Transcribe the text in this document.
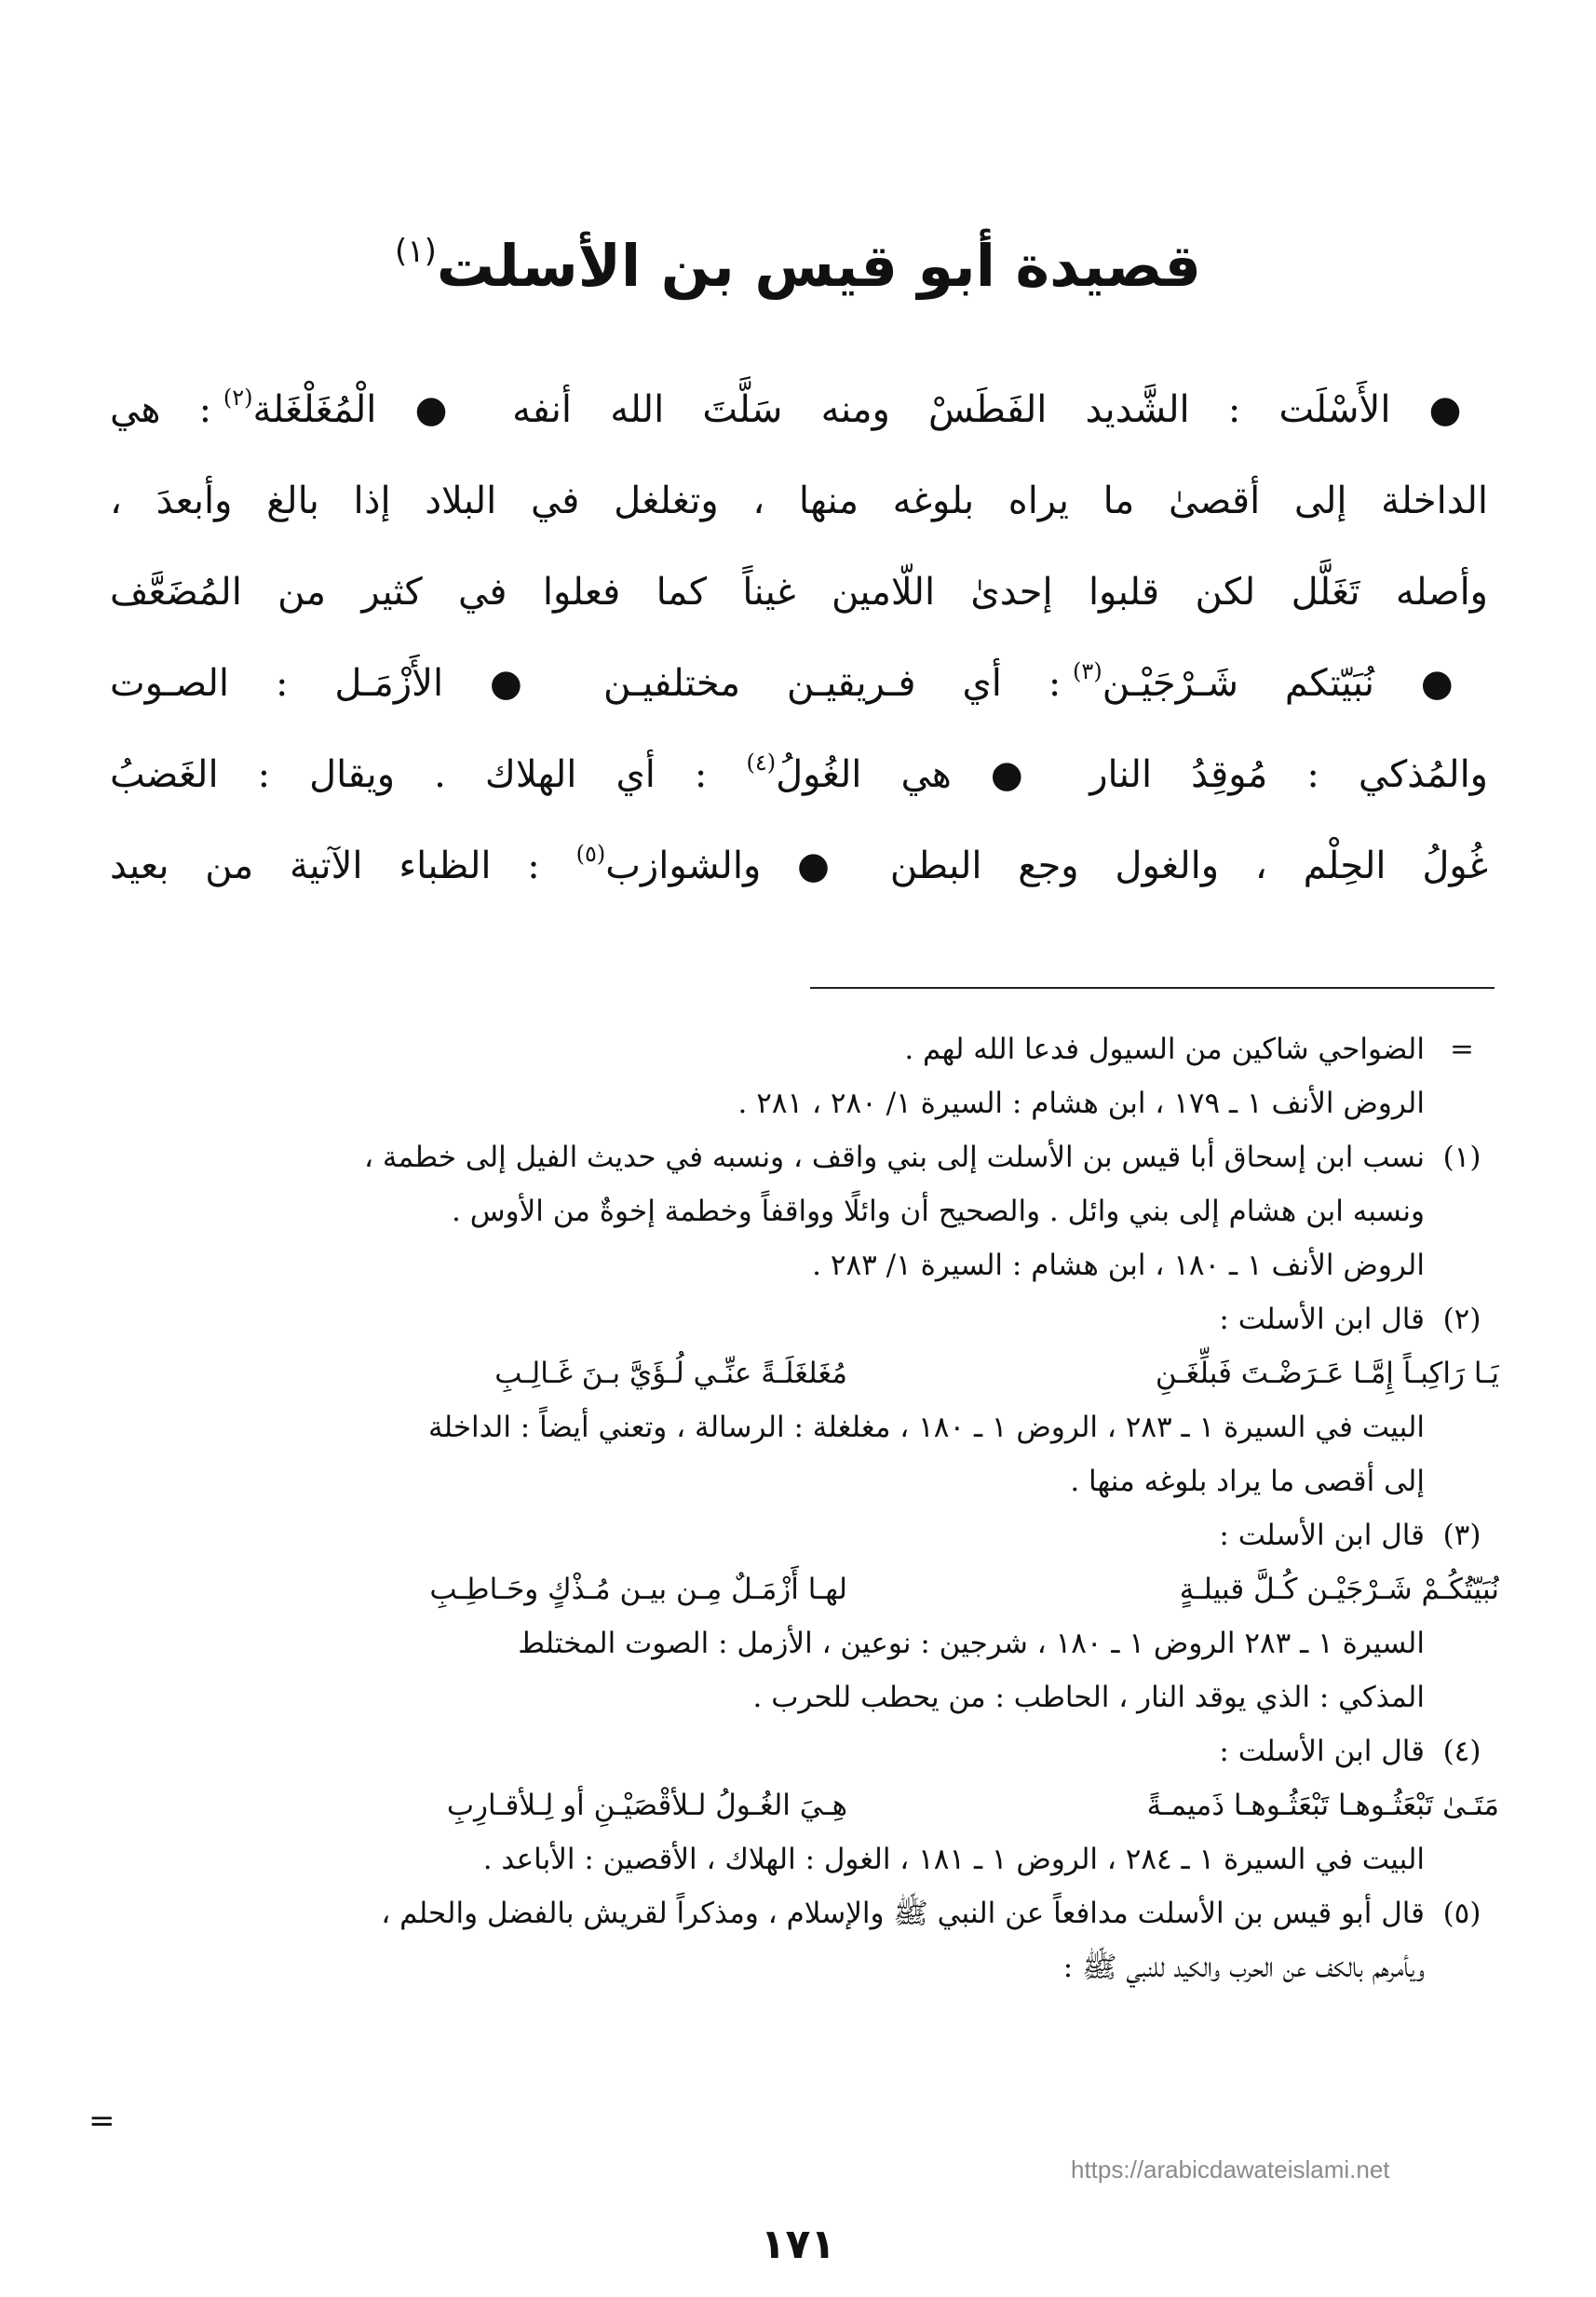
قصيدة أبو قيس بن الأسلت$^{(١)}$
● الأَسْلَت : الشَّديد الفَطَسْ ومنه سَلَّتَ الله أنفه ● الْمُغَلْغَلة$^{(٢)}$ : هي
الداخلة إلى أقصىٰ ما يراه بلوغه منها ، وتغلغل في البلاد إذا بالغ وأبعدَ ،
وأصله تَغَلَّل لكن قلبوا إحدىٰ اللّامين غيناً كما فعلوا في كثير من المُضَعَّف
● نُبَيّتكم شَـرْجَيْـن$^{(٣)}$ : أي فـريقيـن مختلفيـن ● الأَزْمَـل : الصـوت
والمُذكي : مُوقِدُ النار ● هي الغُولُ$^{(٤)}$ : أي الهلاك . ويقال : الغَضبُ
غُولُ الحِلْم ، والغول وجع البطن ● والشوازب$^{(٥)}$ : الظباء الآتية من بعيد
=
الضواحي شاكين من السيول فدعا الله لهم .
الروض الأنف ١ ـ ١٧٩ ، ابن هشام : السيرة ١/ ٢٨٠ ، ٢٨١ .
(١)
نسب ابن إسحاق أبا قيس بن الأسلت إلى بني واقف ، ونسبه في حديث الفيل إلى خطمة ،
ونسبه ابن هشام إلى بني وائل . والصحيح أن وائلًا وواقفاً وخطمة إخوةٌ من الأوس .
الروض الأنف ١ ـ ١٨٠ ، ابن هشام : السيرة ١/ ٢٨٣ .
(٢)
قال ابن الأسلت :
يَـا رَاكِبـاً إِمَّـا عَـرَضْـتَ فَبلِّغَـنِ
مُغَلغَلَـةً عنِّـي لُـؤَيَّ بـنَ غَـالِـبِ
البيت في السيرة ١ ـ ٢٨٣ ، الروض ١ ـ ١٨٠ ، مغلغلة : الرسالة ، وتعني أيضاً : الداخلة
إلى أقصى ما يراد بلوغه منها .
(٣)
قال ابن الأسلت :
نُبَيّتُكُـمْ شَـرْجَيْـن كُـلَّ قبيلـةٍ
لهـا أَزْمَـلٌ مِـن بيـن مُـذْكٍ وحَـاطِـبِ
السيرة ١ ـ ٢٨٣ الروض ١ ـ ١٨٠ ، شرجين : نوعين ، الأزمل : الصوت المختلط
المذكي : الذي يوقد النار ، الحاطب : من يحطب للحرب .
(٤)
قال ابن الأسلت :
مَتَـىٰ تَبْعَثُـوهـا تَبْعَثُـوهـا ذَميمـةً
هِـيَ الغُـولُ لـلأقْصَيْـنِ أو لِـلأقـارِبِ
البيت في السيرة ١ ـ ٢٨٤ ، الروض ١ ـ ١٨١ ، الغول : الهلاك ، الأقصين : الأباعد .
(٥)
قال أبو قيس بن الأسلت مدافعاً عن النبي ﷺ والإسلام ، ومذكراً لقريش بالفضل والحلم ،
ويأمرهم بالكف عن الحرب والكيد للنبي ﷺ :
=
https://arabicdawateislami.net
١٧١
